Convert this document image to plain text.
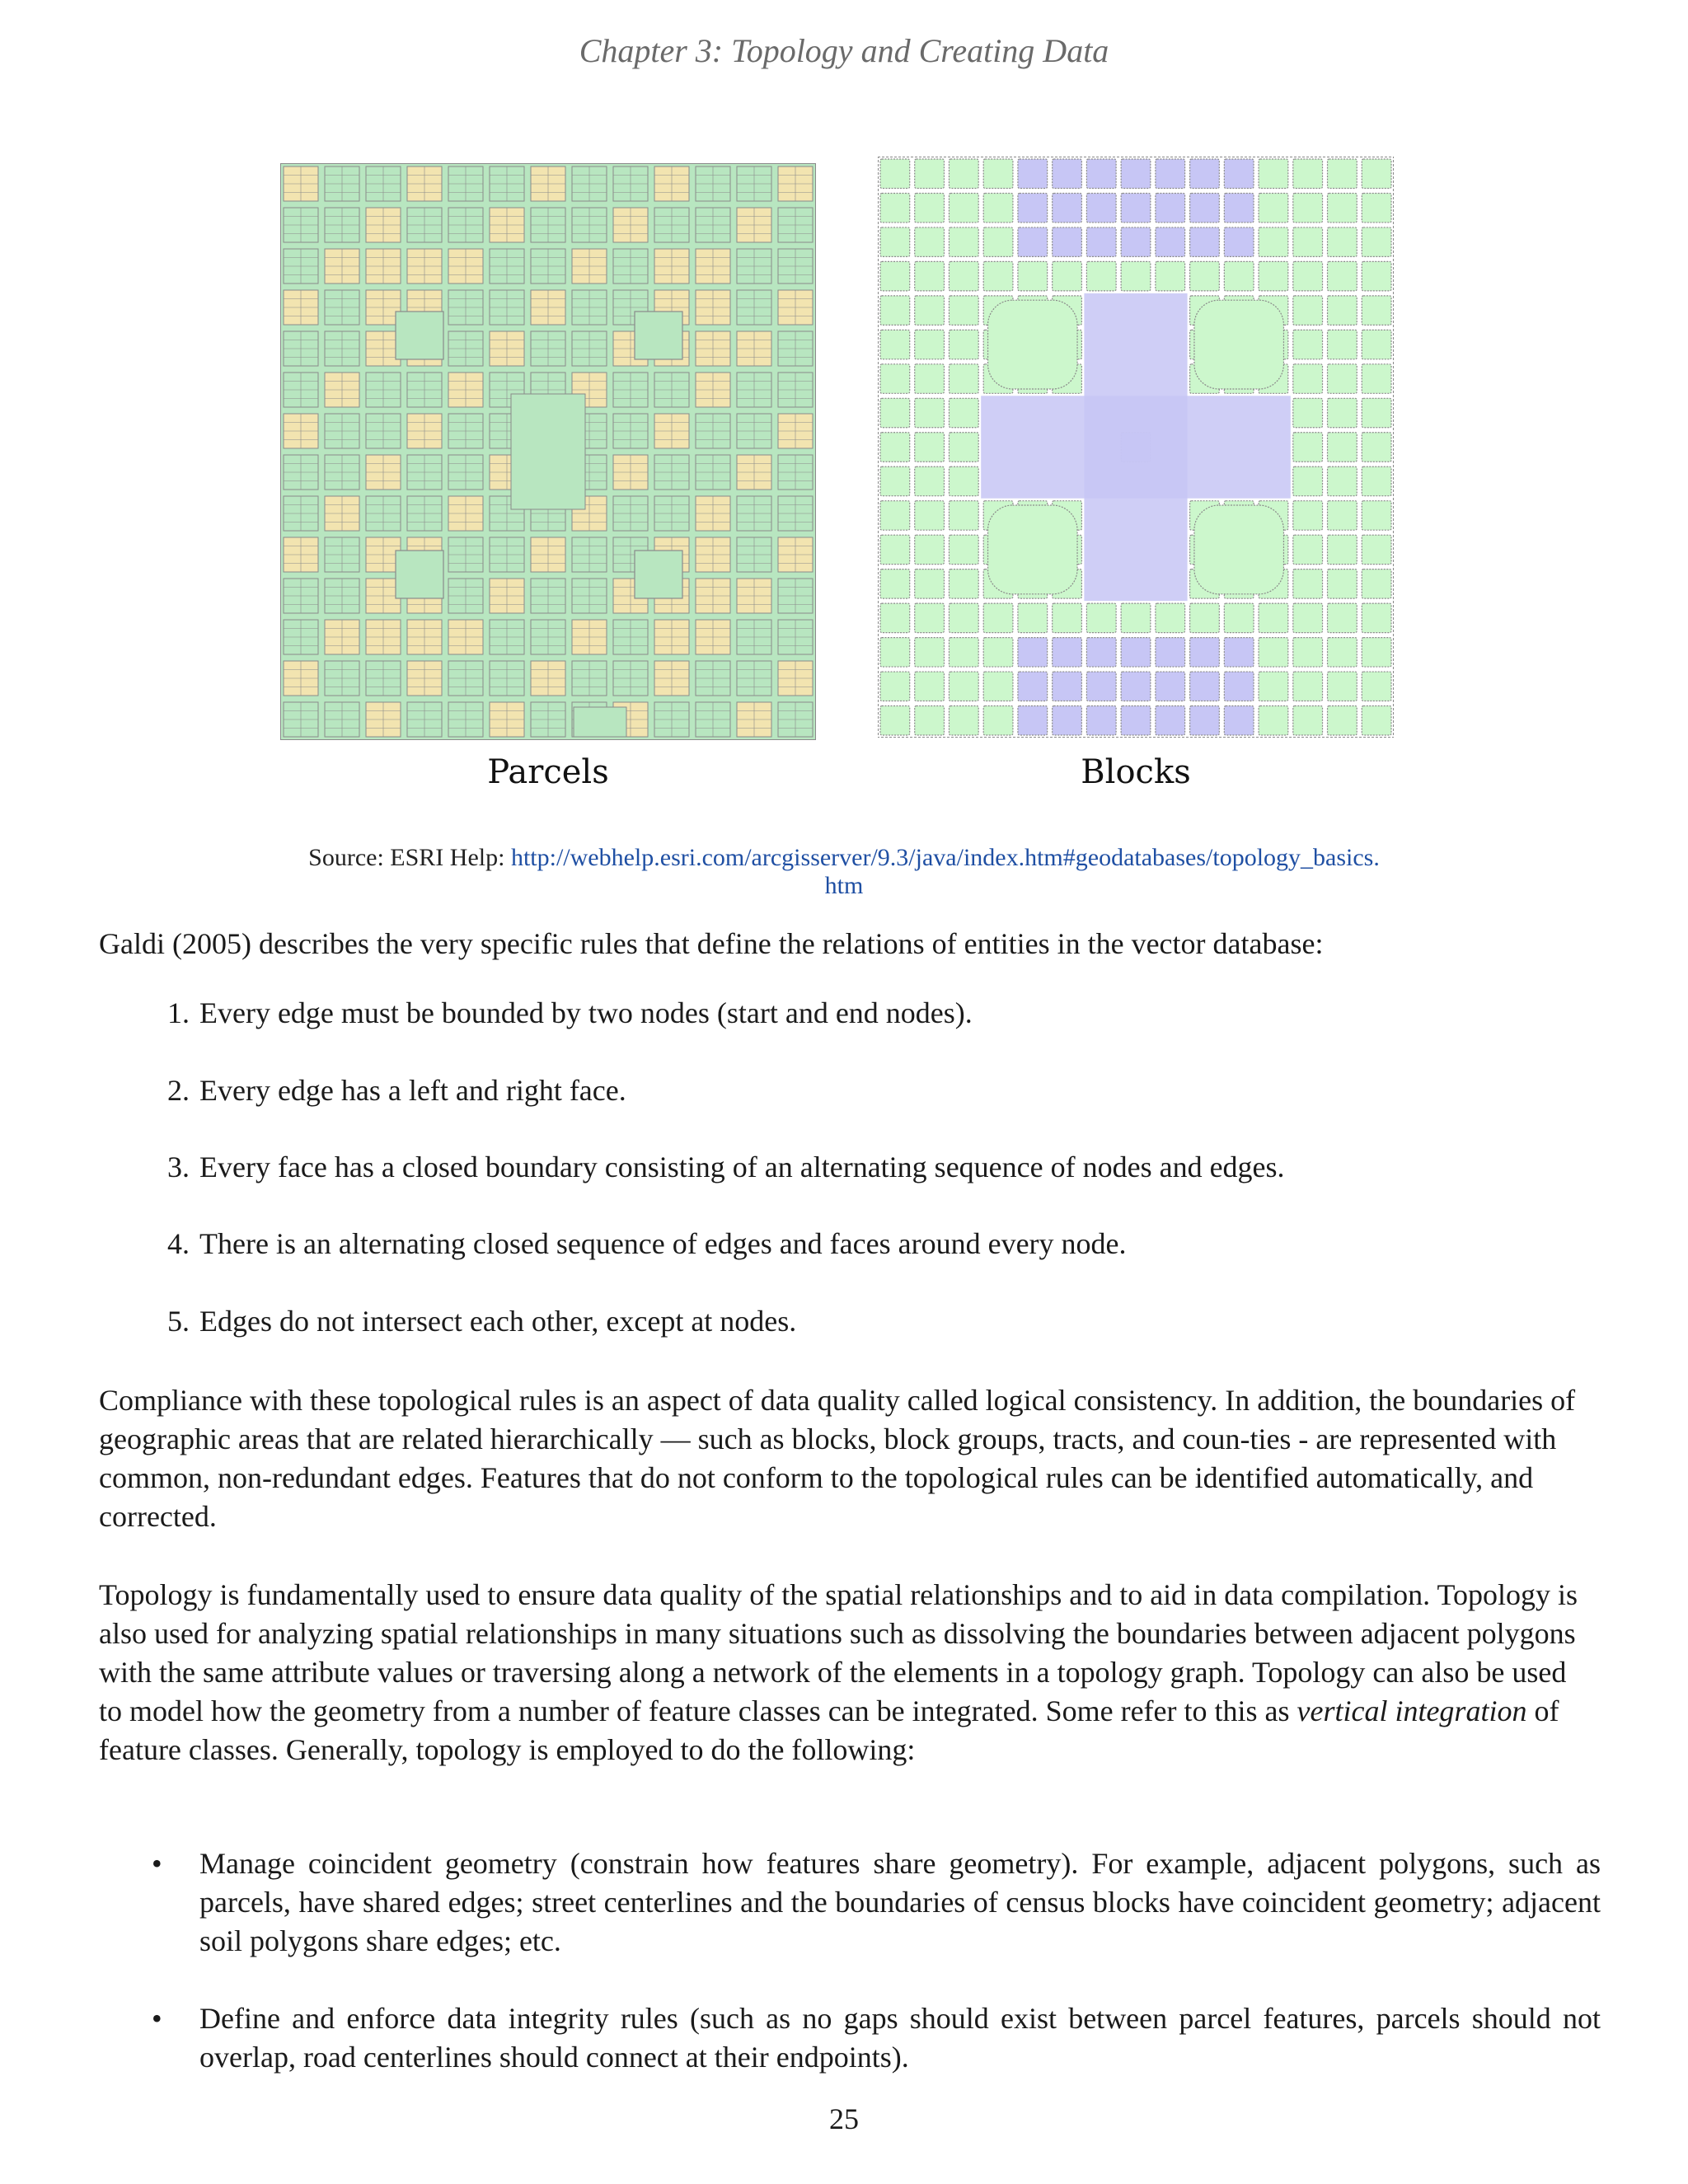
Chapter 3: Topology and Creating Data
Parcels	Blocks
Source: ESRI Help: http://webhelp.esri.com/arcgisserver/9.3/java/index.htm#geodatabases/topology_basics.
htm

Galdi (2005) describes the very specific rules that define the relations of entities in the vector database:

1. Every edge must be bounded by two nodes (start and end nodes).
2. Every edge has a left and right face.
3. Every face has a closed boundary consisting of an alternating sequence of nodes and edges.
4. There is an alternating closed sequence of edges and faces around every node.
5. Edges do not intersect each other, except at nodes.

Compliance with these topological rules is an aspect of data quality called logical consistency. In addition, the boundaries of geographic areas that are related hierarchically — such as blocks, block groups, tracts, and coun-ties - are represented with common, non-redundant edges. Features that do not conform to the topological rules can be identified automatically, and corrected.

Topology is fundamentally used to ensure data quality of the spatial relationships and to aid in data compilation. Topology is also used for analyzing spatial relationships in many situations such as dissolving the boundaries between adjacent polygons with the same attribute values or traversing along a network of the elements in a topology graph. Topology can also be used to model how the geometry from a number of feature classes can be integrated. Some refer to this as vertical integration of feature classes. Generally, topology is employed to do the following:

• Manage coincident geometry (constrain how features share geometry). For example, adjacent polygons, such as parcels, have shared edges; street centerlines and the boundaries of census blocks have coincident geometry; adjacent soil polygons share edges; etc.
• Define and enforce data integrity rules (such as no gaps should exist between parcel features, parcels should not overlap, road centerlines should connect at their endpoints).
25
